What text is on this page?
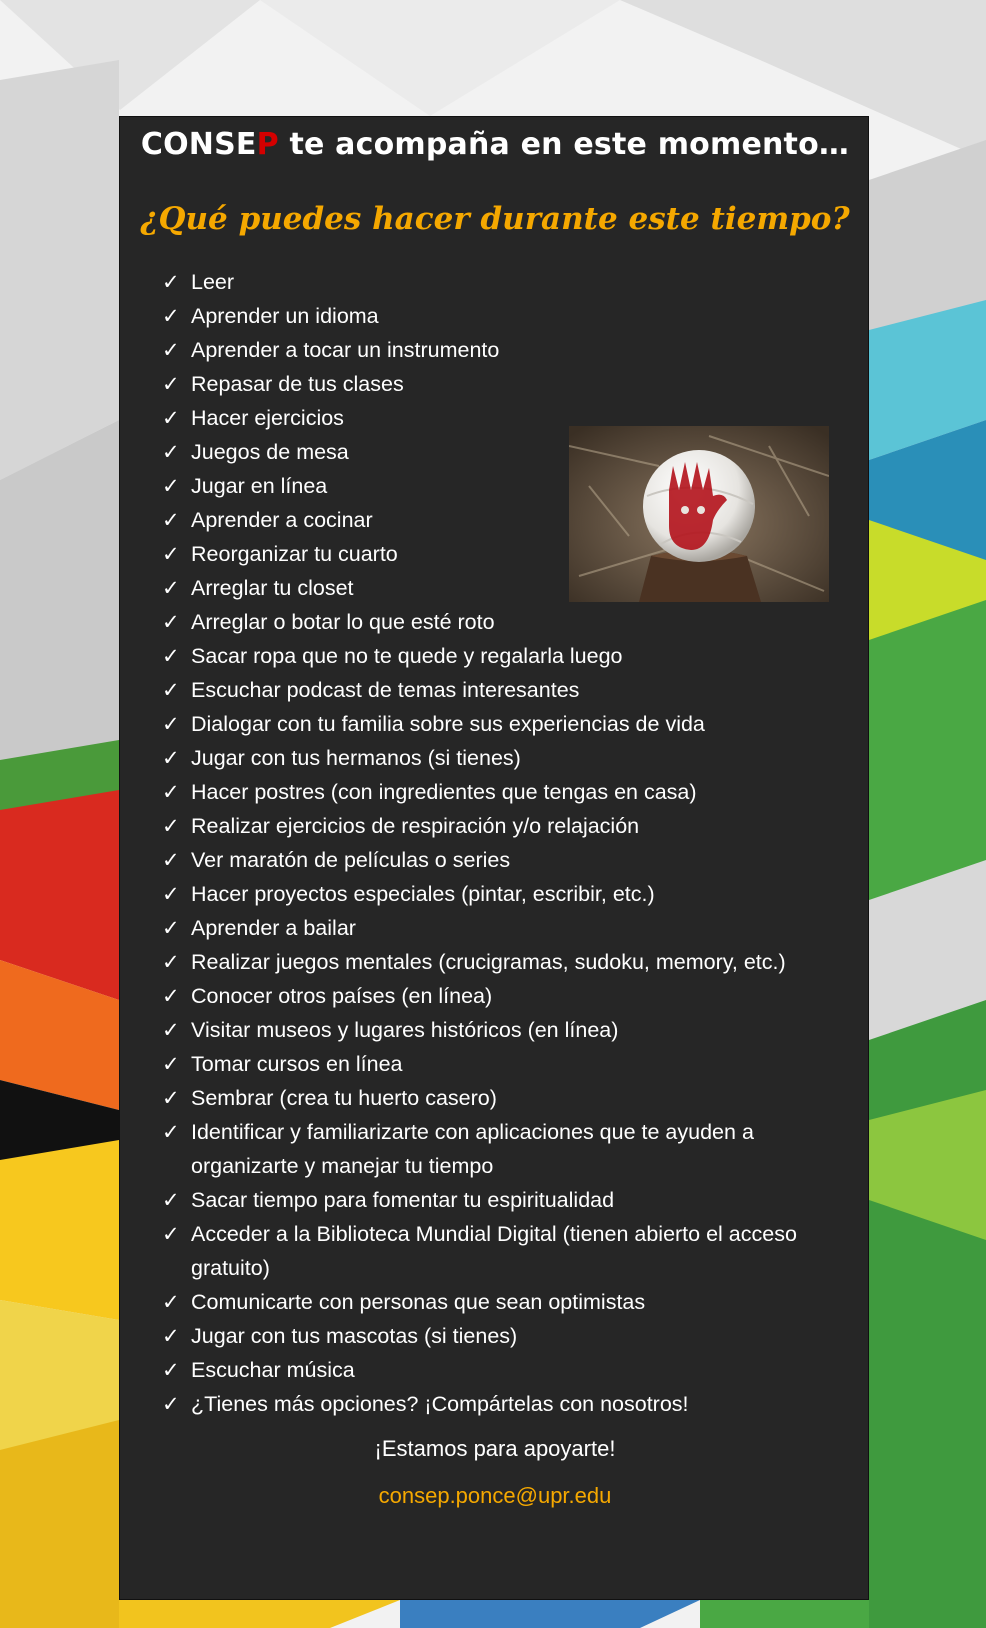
CONSEP te acompaña en este momento…
¿Qué puedes hacer durante este tiempo?
✓ Leer
✓ Aprender un idioma
✓ Aprender a tocar un instrumento
✓ Repasar de tus clases
✓ Hacer ejercicios
✓ Juegos de mesa
✓ Jugar en línea
✓ Aprender a cocinar
✓ Reorganizar tu cuarto
✓ Arreglar tu closet
✓ Arreglar o botar lo que esté roto
✓ Sacar ropa que no te quede y regalarla luego
✓ Escuchar podcast de temas interesantes
✓ Dialogar con tu familia sobre sus experiencias de vida
✓ Jugar con tus hermanos (si tienes)
✓ Hacer postres (con ingredientes que tengas en casa)
✓ Realizar ejercicios de respiración y/o relajación
✓ Ver maratón de películas o series
✓ Hacer proyectos especiales (pintar, escribir, etc.)
✓ Aprender a bailar
✓ Realizar juegos mentales (crucigramas, sudoku, memory, etc.)
✓ Conocer otros países (en línea)
✓ Visitar museos y lugares históricos (en línea)
✓ Tomar cursos en línea
✓ Sembrar (crea tu huerto casero)
✓ Identificar y familiarizarte con aplicaciones que te ayuden a organizarte y manejar tu tiempo
✓ Sacar tiempo para fomentar tu espiritualidad
✓ Acceder a la Biblioteca Mundial Digital (tienen abierto el acceso gratuito)
✓ Comunicarte con personas que sean optimistas
✓ Jugar con tus mascotas (si tienes)
✓ Escuchar música
✓ ¿Tienes más opciones? ¡Compártelas con nosotros!
¡Estamos para apoyarte!
consep.ponce@upr.edu
